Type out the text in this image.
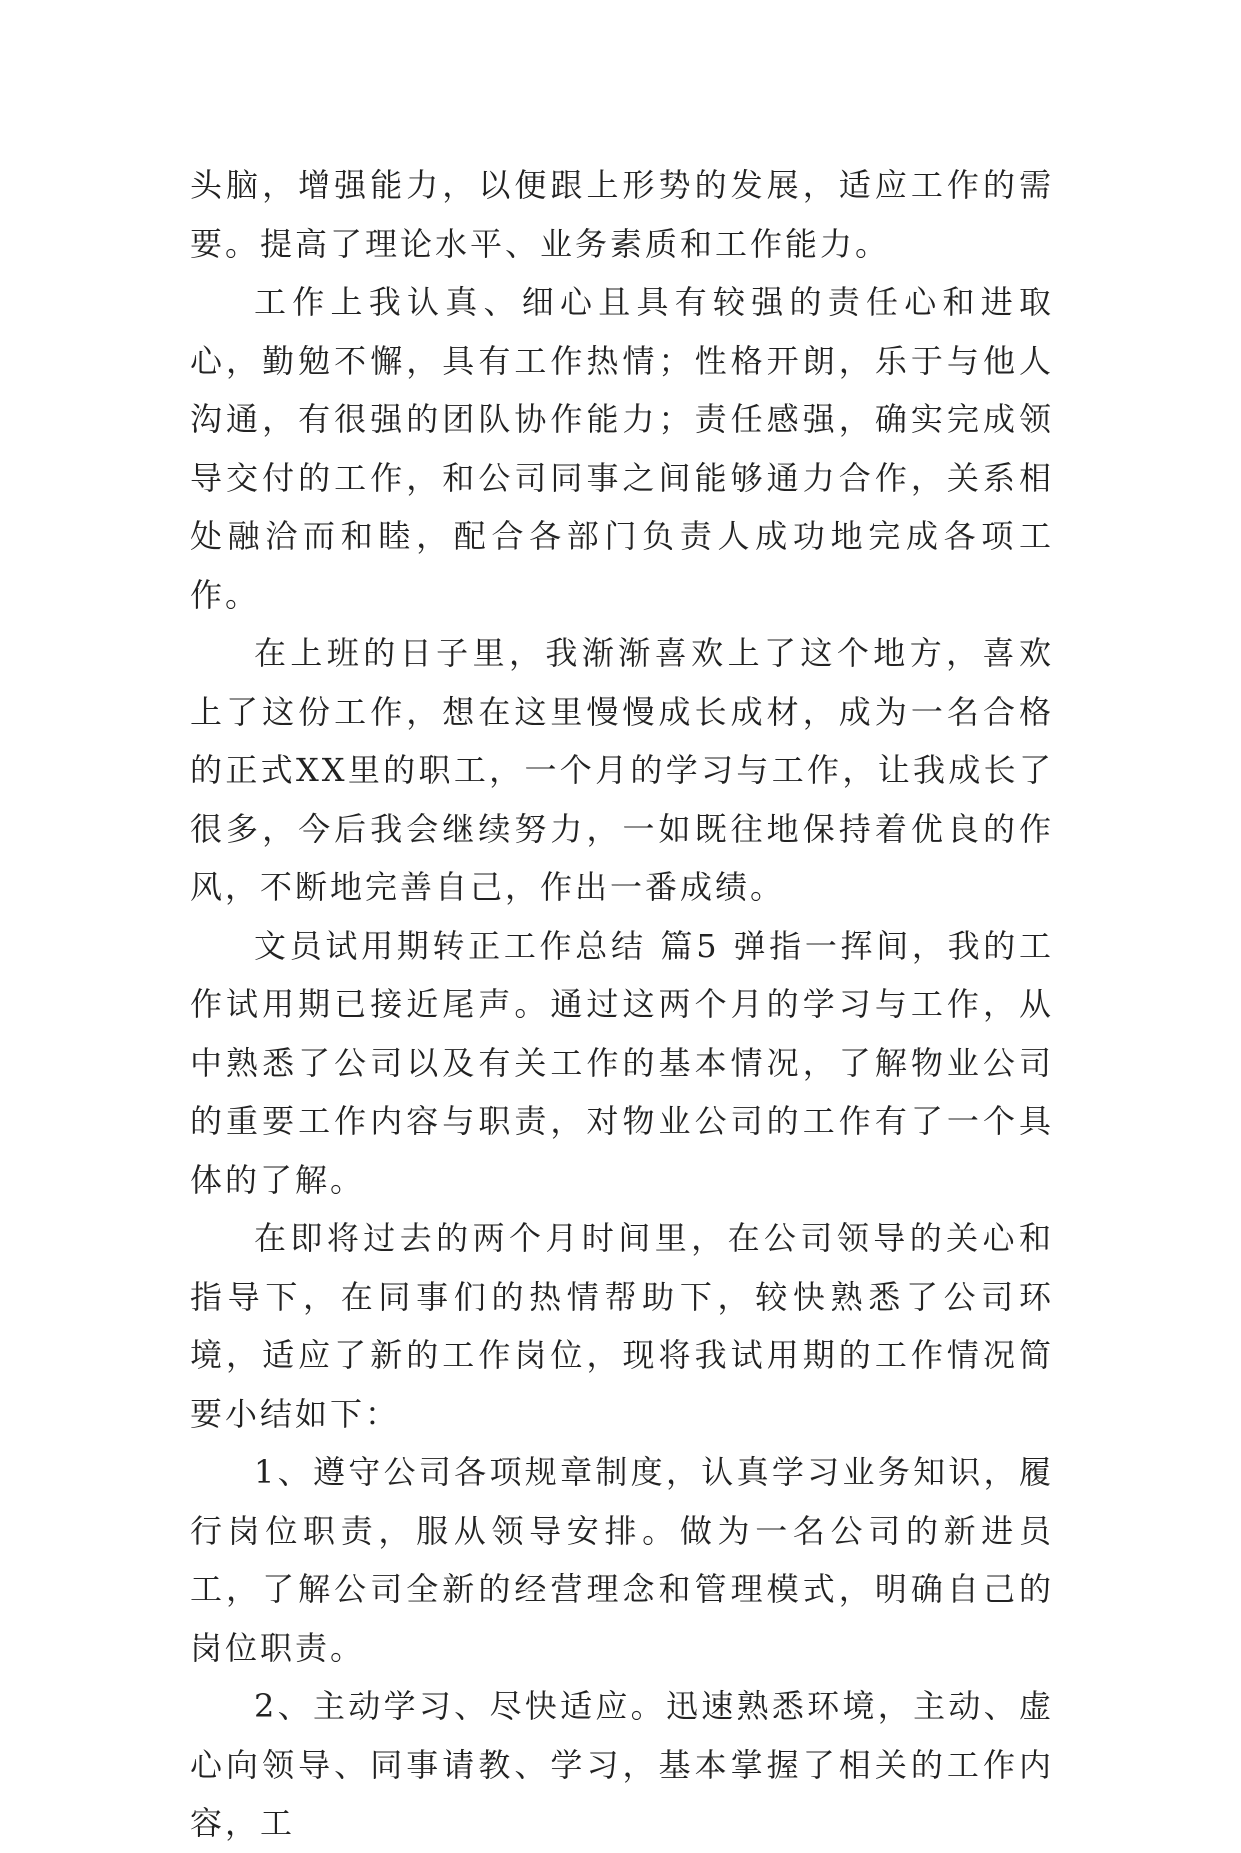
头脑，增强能力，以便跟上形势的发展，适应工作的需要。提高了理论水平、业务素质和工作能力。

工作上我认真、细心且具有较强的责任心和进取心，勤勉不懈，具有工作热情；性格开朗，乐于与他人沟通，有很强的团队协作能力；责任感强，确实完成领导交付的工作，和公司同事之间能够通力合作，关系相处融洽而和睦，配合各部门负责人成功地完成各项工作。

在上班的日子里，我渐渐喜欢上了这个地方，喜欢上了这份工作，想在这里慢慢成长成材，成为一名合格的正式XX里的职工，一个月的学习与工作，让我成长了很多，今后我会继续努力，一如既往地保持着优良的作风，不断地完善自己，作出一番成绩。

文员试用期转正工作总结 篇5 弹指一挥间，我的工作试用期已接近尾声。通过这两个月的学习与工作，从中熟悉了公司以及有关工作的基本情况，了解物业公司的重要工作内容与职责，对物业公司的工作有了一个具体的了解。

在即将过去的两个月时间里，在公司领导的关心和指导下，在同事们的热情帮助下，较快熟悉了公司环境，适应了新的工作岗位，现将我试用期的工作情况简要小结如下：

1、遵守公司各项规章制度，认真学习业务知识，履行岗位职责，服从领导安排。做为一名公司的新进员工，了解公司全新的经营理念和管理模式，明确自己的岗位职责。

2、主动学习、尽快适应。迅速熟悉环境，主动、虚心向领导、同事请教、学习，基本掌握了相关的工作内容，工
